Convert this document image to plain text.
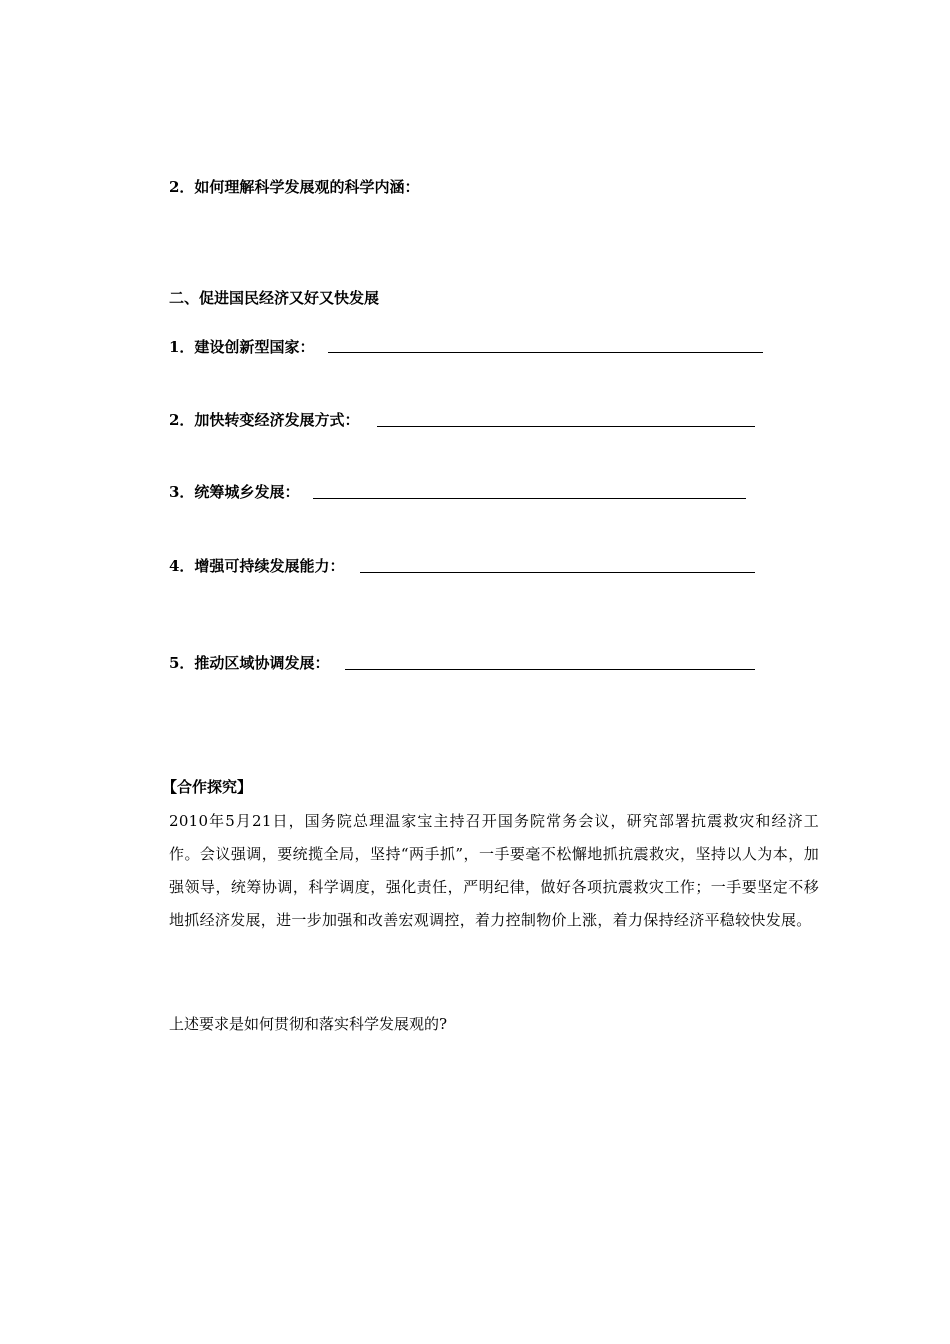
2．如何理解科学发展观的科学内涵：
二、促进国民经济又好又快发展
1．建设创新型国家：
2．加快转变经济发展方式：
3．统筹城乡发展：
4．增强可持续发展能力：
5．推动区域协调发展：
【合作探究】
2010年5月21日，国务院总理温家宝主持召开国务院常务会议，研究部署抗震救灾和经济工作。会议强调，要统揽全局，坚持“两手抓”，一手要毫不松懈地抓抗震救灾，坚持以人为本，加强领导，统筹协调，科学调度，强化责任，严明纪律，做好各项抗震救灾工作；一手要坚定不移地抓经济发展，进一步加强和改善宏观调控，着力控制物价上涨，着力保持经济平稳较快发展。
上述要求是如何贯彻和落实科学发展观的?
